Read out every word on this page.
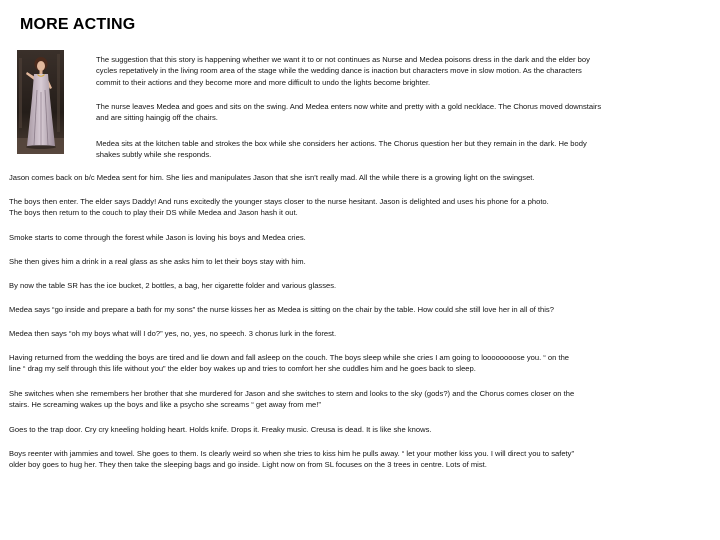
MORE ACTING

The suggestion that this story is happening whether we want it to or not continues as Nurse and Medea poisons dress in the dark and the elder boy
cycles repetatively in the living room area of the stage while the wedding dance is inaction but characters move in slow motion. As the characters
commit to their actions and they become more and more difficult to undo the lights become brighter.

The nurse leaves Medea and goes and sits on the swing. And Medea enters now white and pretty with a gold necklace. The Chorus moved downstairs
and are sitting haingig off the chairs.

Medea sits at the kitchen table and strokes the box while she considers her actions. The Chorus question her but they remain in the dark. He body
shakes subtly while she responds.

Jason comes back on b/c Medea sent for him. She lies and manipulates Jason that she isn’t really mad. All the while there is a growing light on the swingset.

The boys then enter. The elder says Daddy! And runs excitedly the younger stays closer to the nurse hesitant. Jason is delighted and uses his phone for a photo.
The boys then return to the couch to play their DS while Medea and Jason hash it out.

Smoke starts to come through the forest while Jason is loving his boys and Medea cries.

She then gives him a drink in a real glass as she asks him to let their boys stay with him.

By now the table SR has the ice bucket, 2 bottles, a bag, her cigarette folder and various glasses.

Medea says “go inside and prepare a bath for my sons” the nurse kisses her as Medea is sitting on the chair by the table. How could she still love her in all of this?

Medea then says “oh my boys what will I do?” yes, no, yes, no speech. 3 chorus lurk in the forest.

Having returned from the wedding the boys are tired and lie down and fall asleep on the couch. The boys sleep while she cries I am going to loooooooose you. “ on the
line “ drag my self through this life without you” the elder boy wakes up and tries to comfort her she cuddles him and he goes back to sleep.

She switches when she remembers her brother that she murdered for Jason and she switches to stern and looks to the sky (gods?) and the Chorus comes closer on the
stairs. He screaming wakes up the boys and like a psycho she screams “ get away from me!”

Goes to the trap door. Cry cry kneeling holding heart. Holds knife. Drops it. Freaky music. Creusa is dead. It is like she knows.

Boys reenter with jammies and towel. She goes to them. Is clearly weird so when she tries to kiss him he pulls away. “ let your mother kiss you. I will direct you to safety”
older boy goes to hug her. They then take the sleeping bags and go inside. Light now on from SL focuses on the 3 trees in centre. Lots of mist.
